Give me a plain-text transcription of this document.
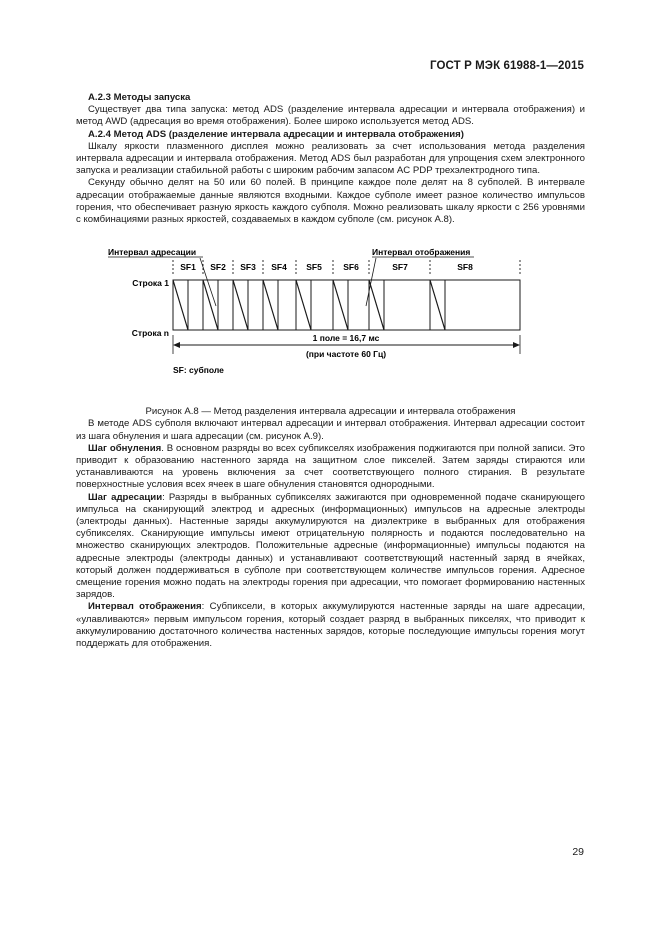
ГОСТ Р МЭК 61988-1—2015

А.2.3 Методы запуска

Существует два типа запуска: метод ADS (разделение интервала адресации и интервала отображения) и метод AWD (адресация во время отображения). Более широко используется метод ADS.

А.2.4 Метод ADS (разделение интервала адресации и интервала отображения)

Шкалу яркости плазменного дисплея можно реализовать за счет использования метода разделения интервала адресации и интервала отображения. Метод ADS был разработан для упрощения схем электронного запуска и реализации стабильной работы с широким рабочим запасом AC PDP трехэлектродного типа.

Секунду обычно делят на 50 или 60 полей. В принципе каждое поле делят на 8 субполей. В интервале адресации отображаемые данные являются входными. Каждое субполе имеет разное количество импульсов горения, что обеспечивает разную яркость каждого субполя. Можно реализовать шкалу яркости с 256 уровнями с комбинациями разных яркостей, создаваемых в каждом субполе (см. рисунок А.8).

Интервал адресации	Интервал отображения
SF1 SF2 SF3 SF4 SF5	SF6	SF7	SF8
Строка 1
Строка n	1 поле = 16,7 мс
(при частоте 60 Гц)
SF: субполе

Рисунок А.8 — Метод разделения интервала адресации и интервала отображения

В методе ADS субполя включают интервал адресации и интервал отображения. Интервал адресации состоит из шага обнуления и шага адресации (см. рисунок А.9).

Шаг обнуления. В основном разряды во всех субпикселях изображения поджигаются при полной записи. Это приводит к образованию настенного заряда на защитном слое пикселей. Затем заряды стираются или устанавливаются на уровень включения за счет соответствующего полного стирания. В результате поверхностные условия всех ячеек в шаге обнуления становятся однородными.

Шаг адресации: Разряды в выбранных субпикселях зажигаются при одновременной подаче сканирующего импульса на сканирующий электрод и адресных (информационных) импульсов на адресные электроды (электроды данных). Настенные заряды аккумулируются на диэлектрике в выбранных для отображения субпикселях. Сканирующие импульсы имеют отрицательную полярность и подаются последовательно на множество сканирующих электродов. Положительные адресные (информационные) импульсы подаются на адресные электроды (электроды данных) и устанавливают соответствующий настенный заряд в ячейках, который должен поддерживаться в субполе при соответствующем количестве импульсов горения. Адресное смещение горения можно подать на электроды горения при адресации, что помогает формированию настенных зарядов.

Интервал отображения: Субпиксели, в которых аккумулируются настенные заряды на шаге адресации, «улавливаются» первым импульсом горения, который создает разряд в выбранных пикселях, что приводит к аккумулированию достаточного количества настенных зарядов, которые последующие импульсы горения могут поддержать для отображения.

29
